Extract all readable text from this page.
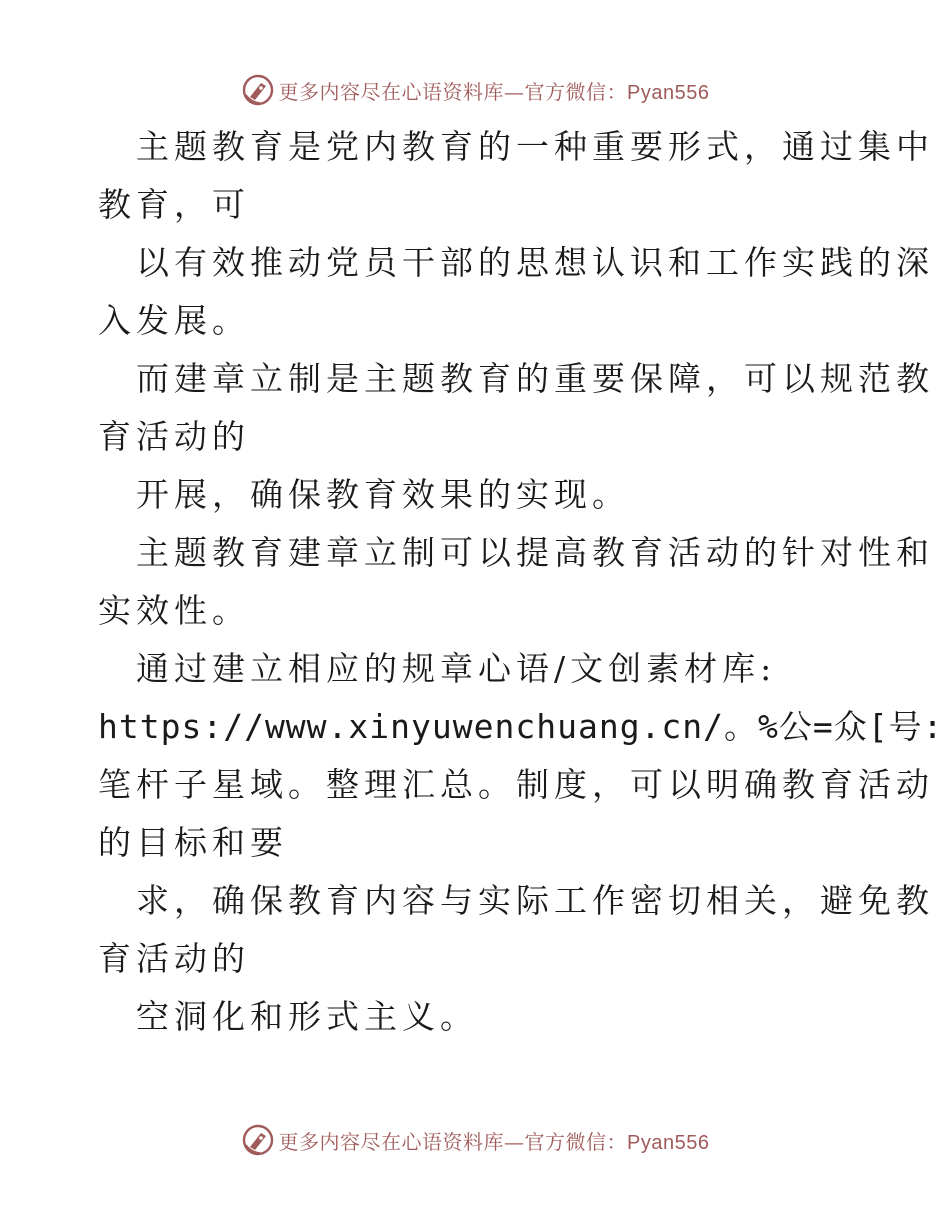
更多内容尽在心语资料库—官方微信：Pyan556
主题教育是党内教育的一种重要形式，通过集中
教育，可
以有效推动党员干部的思想认识和工作实践的深
入发展。
而建章立制是主题教育的重要保障，可以规范教
育活动的
开展，确保教育效果的实现。
主题教育建章立制可以提高教育活动的针对性和
实效性。
通过建立相应的规章心语/文创素材库:
https://www.xinyuwenchuang.cn/。%公=众[号:
笔杆子星域。整理汇总。制度，可以明确教育活动
的目标和要
求，确保教育内容与实际工作密切相关，避免教
育活动的
空洞化和形式主义。
更多内容尽在心语资料库—官方微信：Pyan556
